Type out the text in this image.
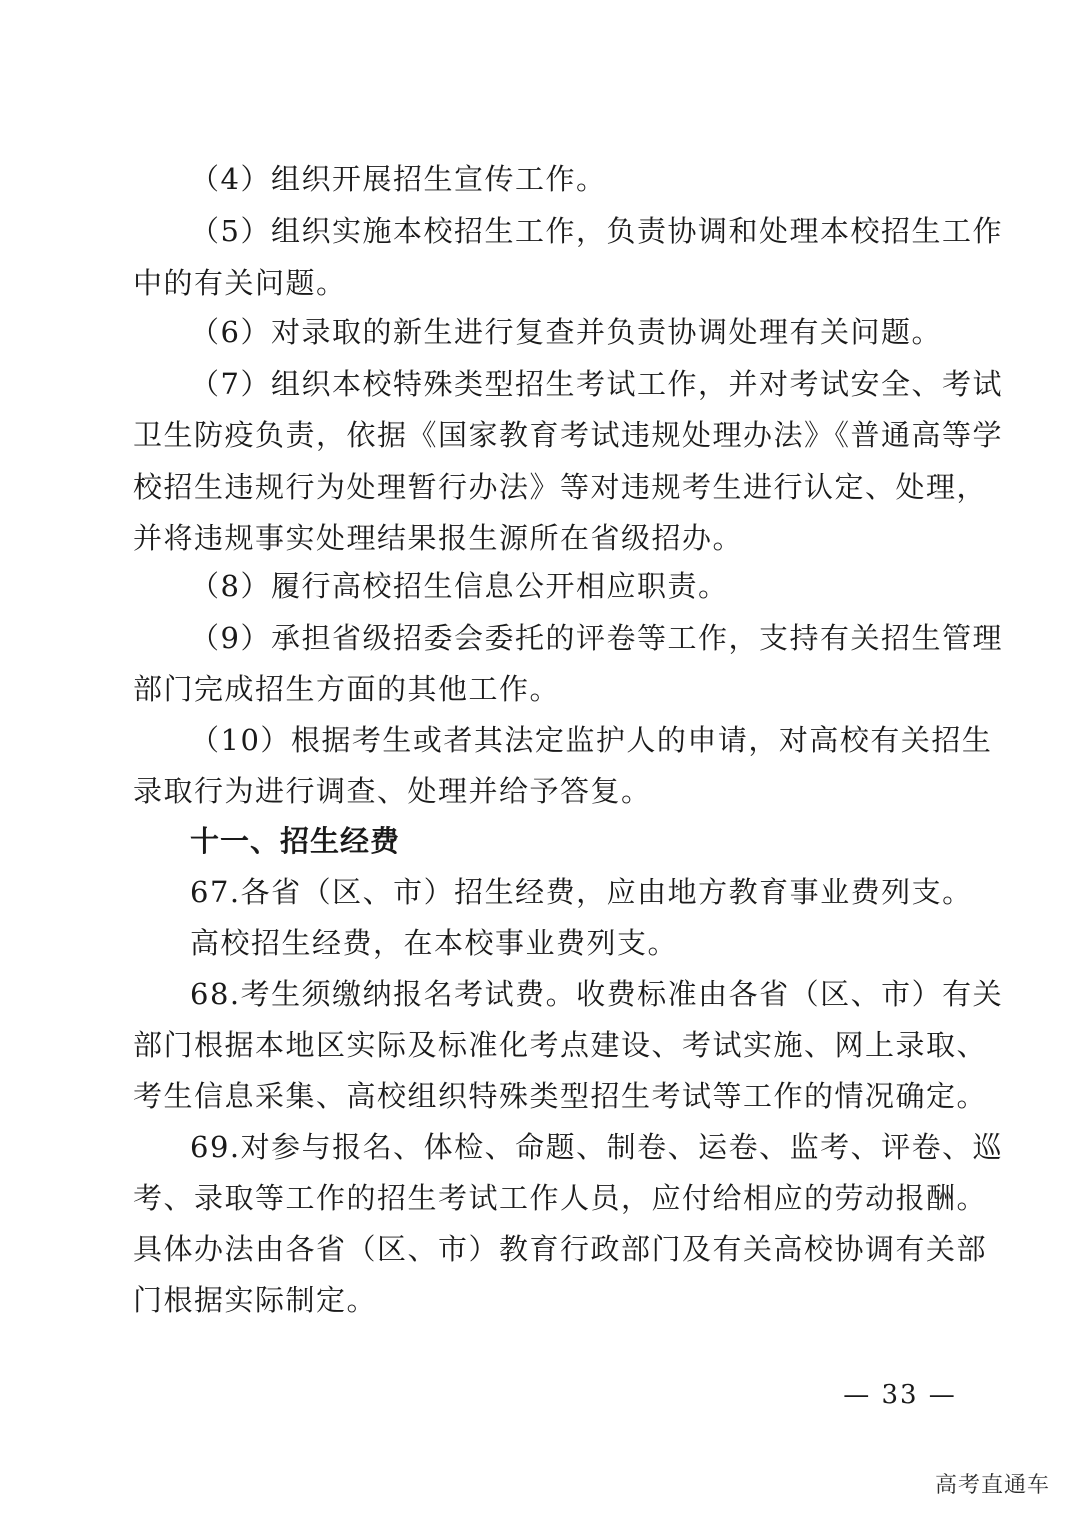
（4）组织开展招生宣传工作。
（5）组织实施本校招生工作，负责协调和处理本校招生工作
中的有关问题。
（6）对录取的新生进行复查并负责协调处理有关问题。
（7）组织本校特殊类型招生考试工作，并对考试安全、考试
卫生防疫负责，依据《国家教育考试违规处理办法》《普通高等学
校招生违规行为处理暂行办法》等对违规考生进行认定、处理，
并将违规事实处理结果报生源所在省级招办。
（8）履行高校招生信息公开相应职责。
（9）承担省级招委会委托的评卷等工作，支持有关招生管理
部门完成招生方面的其他工作。
（10）根据考生或者其法定监护人的申请，对高校有关招生
录取行为进行调查、处理并给予答复。
十一、招生经费
67.各省（区、市）招生经费，应由地方教育事业费列支。
高校招生经费，在本校事业费列支。
68.考生须缴纳报名考试费。收费标准由各省（区、市）有关
部门根据本地区实际及标准化考点建设、考试实施、网上录取、
考生信息采集、高校组织特殊类型招生考试等工作的情况确定。
69.对参与报名、体检、命题、制卷、运卷、监考、评卷、巡
考、录取等工作的招生考试工作人员，应付给相应的劳动报酬。
具体办法由各省（区、市）教育行政部门及有关高校协调有关部
门根据实际制定。
— 33 —
高考直通车
